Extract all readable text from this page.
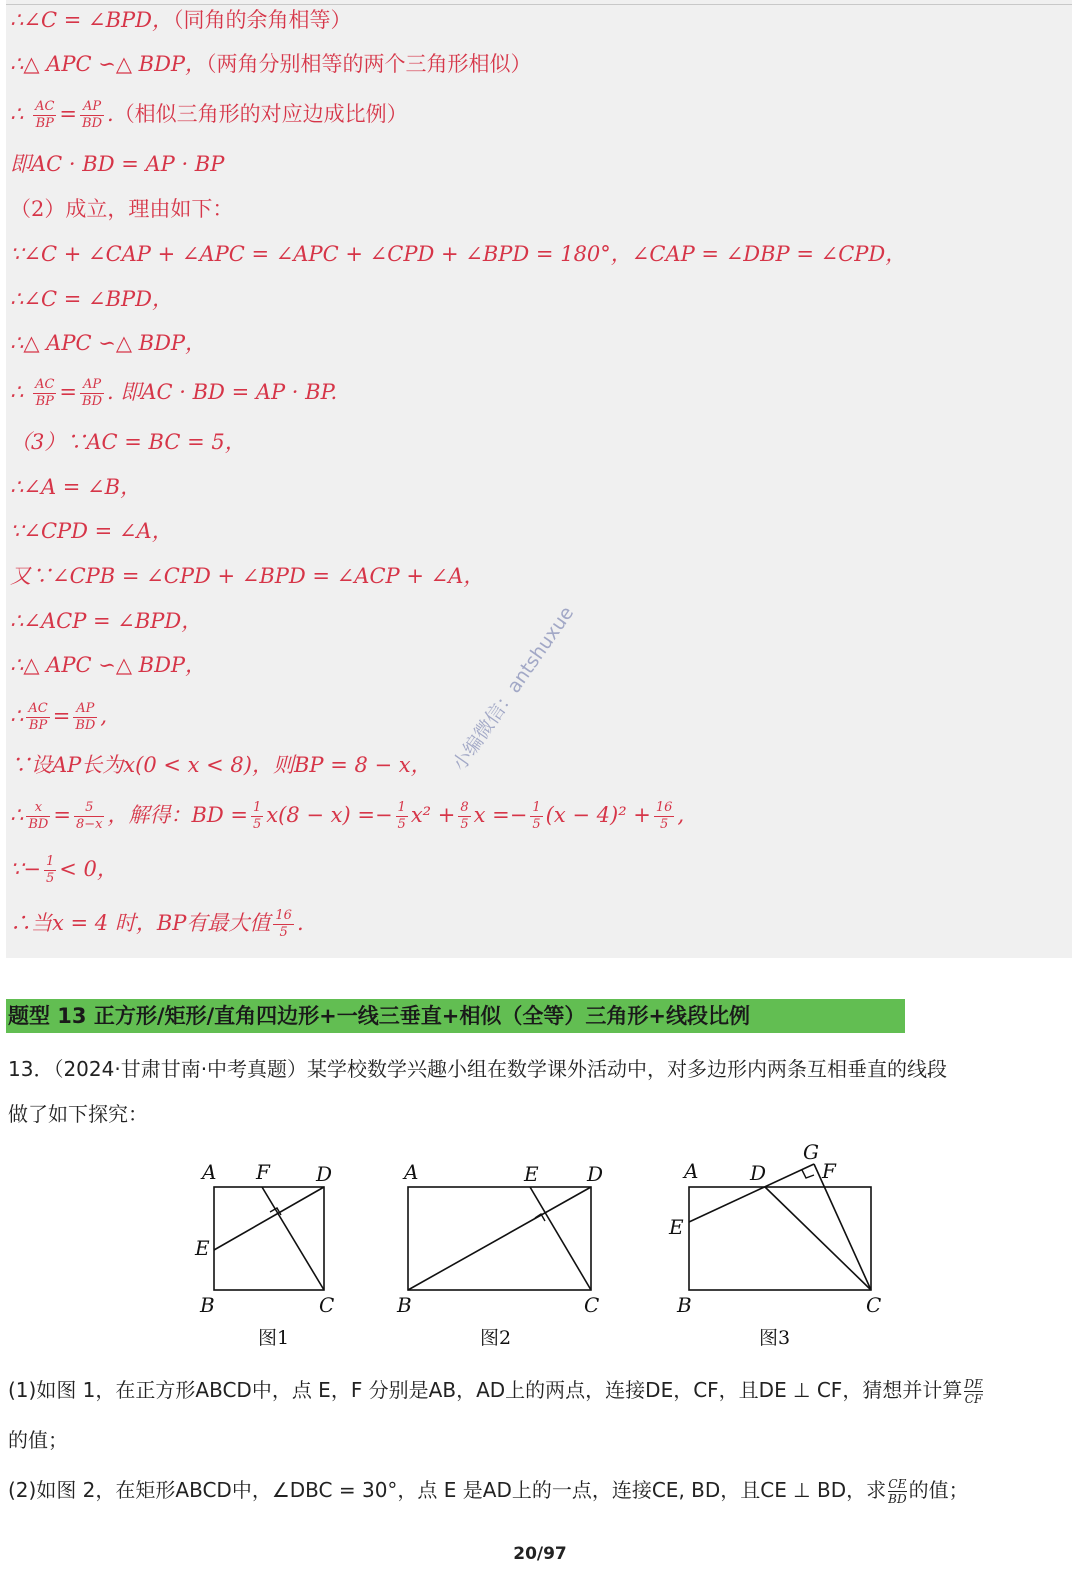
∴∠C = ∠BPD，（同角的余角相等）
∴△ APC ∽△ BDP，（两角分别相等的两个三角形相似）
∴ $\frac{AC}{BP} = \frac{AP}{BD}$ .（相似三角形的对应边成比例）
即AC · BD = AP · BP
（2）成立，理由如下：
∵∠C + ∠CAP + ∠APC = ∠APC + ∠CPD + ∠BPD = 180°，∠CAP = ∠DBP = ∠CPD，
∴∠C = ∠BPD，
∴△ APC ∽△ BDP，
∴ $\frac{AC}{BP} = \frac{AP}{BD}$ . 即AC · BD = AP · BP.
（3）∵AC = BC = 5，
∴∠A = ∠B，
∵∠CPD = ∠A，
又∵∠CPB = ∠CPD + ∠BPD = ∠ACP + ∠A，
∴∠ACP = ∠BPD，
∴△ APC ∽△ BDP，
∴ $\frac{AC}{BP} = \frac{AP}{BD}$ ,
∵设AP长为x(0 < x < 8)，则BP = 8 − x，
∴ $\frac{x}{BD} = \frac{5}{8-x}$ ，解得：BD = $\frac{1}{5} x(8 - x) =- \frac{1}{5} x^2 + \frac{8}{5}$ $x =- \frac{1}{5} (x - 4)^2 + \frac{16}{5}$ ,
∵− $\frac{1}{5} < 0$，
∴当x = 4 时，BP有最大值 $\frac{16}{5}$ .
小编微信：antshuxue
题型 13 正方形/矩形/直角四边形+一线三垂直+相似（全等）三角形+线段比例
13．（2024·甘肃甘南·中考真题）某学校数学兴趣小组在数学课外活动中，对多边形内两条互相垂直的线段
做了如下探究：
A F D
E
B	C
图1
A	E D
B	C
图2
A	D
G
F
E
B	C
图3
(1)如图 1，在正方形ABCD中，点 E，F 分别是AB，AD上的两点，连接DE，CF，且DE ⊥ CF，猜想并计算 $\frac{DE}{CF}$
的值；
(2)如图 2，在矩形ABCD中，∠DBC = 30°，点 E 是AD上的一点，连接CE, BD，且CE ⊥ BD，求 $\frac{CE}{BD}$ 的值；
20/97
